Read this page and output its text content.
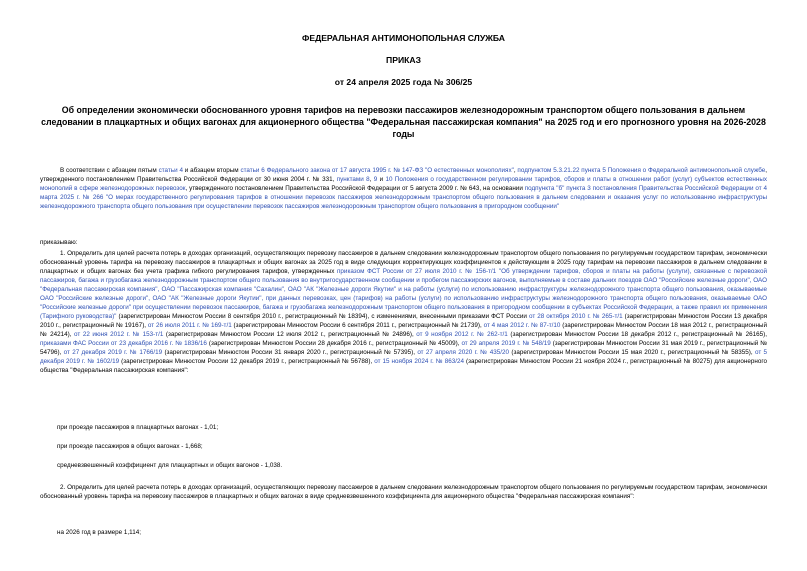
ФЕДЕРАЛЬНАЯ АНТИМОНОПОЛЬНАЯ СЛУЖБА
ПРИКАЗ
от 24 апреля 2025 года № 306/25
Об определении экономически обоснованного уровня тарифов на перевозки пассажиров железнодорожным транспортом общего пользования в дальнем следовании в плацкартных и общих вагонах для акционерного общества "Федеральная пассажирская компания" на 2025 год и его прогнозного уровня на 2026-2028 годы
В соответствии с абзацем пятым статьи 4 и абзацем вторым статьи 6 Федерального закона от 17 августа 1995 г. № 147-ФЗ "О естественных монополиях", подпунктом 5.3.21.22 пункта 5 Положения о Федеральной антимонопольной службе, утвержденного постановлением Правительства Российской Федерации от 30 июня 2004 г. № 331, пунктами 8, 9 и 10 Положения о государственном регулировании тарифов, сборов и платы в отношении работ (услуг) субъектов естественных монополий в сфере железнодорожных перевозок, утвержденного постановлением Правительства Российской Федерации от 5 августа 2009 г. № 643, на основании подпункта "б" пункта 3 постановления Правительства Российской Федерации от 4 марта 2025 г. № 266 "О мерах государственного регулирования тарифов в отношении перевозок пассажиров железнодорожным транспортом общего пользования в дальнем следовании и оказания услуг по использованию инфраструктуры железнодорожного транспорта общего пользования при осуществлении перевозок пассажиров железнодорожным транспортом общего пользования в пригородном сообщении"
приказываю:
1. Определить для целей расчета потерь в доходах организаций, осуществляющих перевозку пассажиров в дальнем следовании железнодорожным транспортом общего пользования по регулируемым государством тарифам, экономически обоснованный уровень тарифа на перевозку пассажиров в плацкартных и общих вагонах за 2025 год в виде следующих корректирующих коэффициентов к действующим в 2025 году тарифам на перевозки пассажиров в дальнем следовании в плацкартных и общих вагонах без учета графика гибкого регулирования тарифов, утвержденных приказом ФСТ России от 27 июля 2010 г. № 156-т/1 "Об утверждении тарифов, сборов и платы на работы (услуги), связанные с перевозкой пассажиров, багажа и грузобагажа железнодорожным транспортом общего пользования во внутригосударственном сообщении и пробегом пассажирских вагонов, выполняемые в составе дальних поездов ОАО "Российские железные дороги", ОАО "Федеральная пассажирская компания", ОАО "Пассажирская компания "Сахалин", ОАО "АК "Железные дороги Якутии" и на работы (услуги) по использованию инфраструктуры железнодорожного транспорта общего пользования, оказываемые ОАО "Российские железные дороги", ОАО "АК "Железные дороги Якутии", при данных перевозках, цен (тарифов) на работы (услуги) по использованию инфраструктуры железнодорожного транспорта общего пользования, оказываемые ОАО "Российские железные дороги" при осуществлении перевозок пассажиров, багажа и грузобагажа железнодорожным транспортом общего пользования в пригородном сообщении в субъектах Российской Федерации, а также правил их применения (Тарифного руководства)" (зарегистрирован Минюстом России 8 сентября 2010 г., регистрационный № 18394), с изменениями, внесенными приказами ФСТ России от 28 октября 2010 г. № 265-т/1 (зарегистрирован Минюстом России 13 декабря 2010 г., регистрационный № 19167), от 26 июля 2011 г. № 169-т/1 (зарегистрирован Минюстом России 6 сентября 2011 г., регистрационный № 21739), от 4 мая 2012 г. № 87-т/10 (зарегистрирован Минюстом России 18 мая 2012 г., регистрационный № 24214), от 22 июня 2012 г. № 153-т/1 (зарегистрирован Минюстом России 12 июля 2012 г., регистрационный № 24896), от 9 ноября 2012 г. № 262-т/1 (зарегистрирован Минюстом России 18 декабря 2012 г., регистрационный № 26165), приказами ФАС России от 23 декабря 2016 г. № 1836/16 (зарегистрирован Минюстом России 28 декабря 2016 г., регистрационный № 45009), от 29 апреля 2019 г. № 548/19 (зарегистрирован Минюстом России 31 мая 2019 г., регистрационный № 54796), от 27 декабря 2019 г. № 1766/19 (зарегистрирован Минюстом России 31 января 2020 г., регистрационный № 57395), от 27 апреля 2020 г. № 435/20 (зарегистрирован Минюстом России 15 мая 2020 г., регистрационный № 58355), от 5 декабря 2019 г. № 1602/19 (зарегистрирован Минюстом России 12 декабря 2019 г., регистрационный № 56788), от 15 ноября 2024 г. № 863/24 (зарегистрирован Минюстом России 21 ноября 2024 г., регистрационный № 80275) для акционерного общества "Федеральная пассажирская компания":
при проезде пассажиров в плацкартных вагонах - 1,01;
при проезде пассажиров в общих вагонах - 1,668;
средневзвешенный коэффициент для плацкартных и общих вагонов - 1,038.
2. Определить для целей расчета потерь в доходах организаций, осуществляющих перевозку пассажиров в дальнем следовании железнодорожным транспортом общего пользования по регулируемым государством тарифам, экономически обоснованный уровень тарифа на перевозку пассажиров в плацкартных и общих вагонах в виде средневзвешенного коэффициента для акционерного общества "Федеральная пассажирская компания":
на 2026 год в размере 1,114;
